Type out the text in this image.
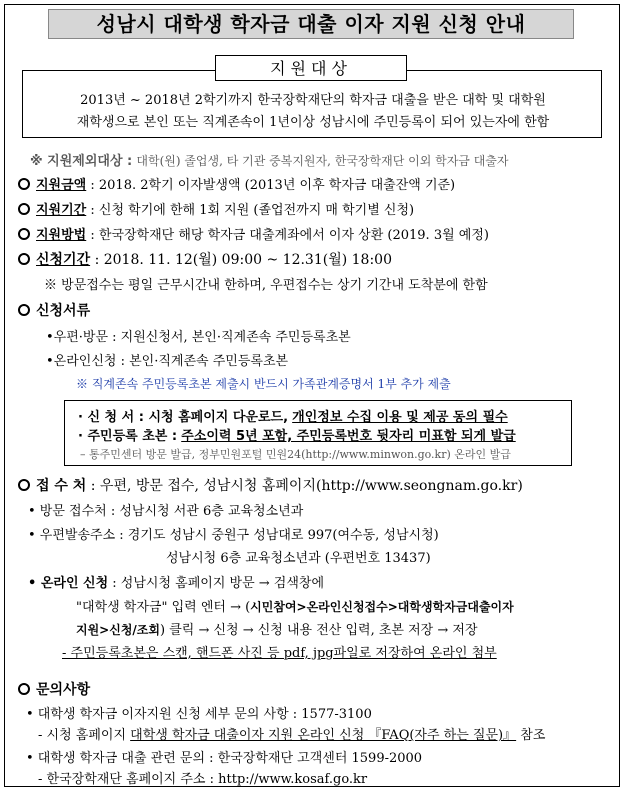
성남시 대학생 학자금 대출 이자 지원 신청 안내
지원대상
2013년 ~ 2018년 2학기까지 한국장학재단의 학자금 대출을 받은 대학 및 대학원
재학생으로 본인 또는 직계존속이 1년이상 성남시에 주민등록이 되어 있는자에 한함
※ 지원제외대상 : 대학(원) 졸업생, 타 기관 중복지원자, 한국장학재단 이외 학자금 대출자
지원금액 : 2018. 2학기 이자발생액 (2013년 이후 학자금 대출잔액 기준)
지원기간 : 신청 학기에 한해 1회 지원 (졸업전까지 매 학기별 신청)
지원방법 : 한국장학재단 해당 학자금 대출계좌에서 이자 상환 (2019. 3월 예정)
신청기간 : 2018. 11. 12(월) 09:00 ~ 12.31(월) 18:00
※ 방문접수는 평일 근무시간내 한하며, 우편접수는 상기 기간내 도착분에 한함
신청서류
•우편·방문 : 지원신청서, 본인·직계존속 주민등록초본
•온라인신청 : 본인·직계존속 주민등록초본
※ 직계존속 주민등록초본 제출시 반드시 가족관계증명서 1부 추가 제출
· 신 청 서 : 시청 홈페이지 다운로드, 개인정보 수집 이용 및 제공 동의 필수
· 주민등록 초본 : 주소이력 5년 포함, 주민등록번호 뒷자리 미표함 되게 발급
– 통주민센터 방문 발급, 정부민원포털 민원24(http://www.minwon.go.kr) 온라인 발급
접 수 처 : 우편, 방문 접수, 성남시청 홈페이지(http://www.seongnam.go.kr)
• 방문 접수처 : 성남시청 서관 6층 교육청소년과
• 우편발송주소 : 경기도 성남시 중원구 성남대로 997(여수동, 성남시청)
성남시청 6층 교육청소년과 (우편번호 13437)
• 온라인 신청 : 성남시청 홈페이지 방문 → 검색창에
"대학생 학자금" 입력 엔터 → (시민참여>온라인신청접수>대학생학자금대출이자
지원>신청/조회) 클릭 → 신청 → 신청 내용 전산 입력, 초본 저장 → 저장
- 주민등록초본은 스캔, 핸드폰 사진 등 pdf, jpg파일로 저장하여 온라인 첨부
문의사항
• 대학생 학자금 이자지원 신청 세부 문의 사항 : 1577-3100
- 시청 홈페이지 대학생 학자금 대출이자 지원 온라인 신청 『FAQ(자주 하는 질문)』 참조
• 대학생 학자금 대출 관련 문의 : 한국장학재단 고객센터 1599-2000
- 한국장학재단 홈페이지 주소 : http://www.kosaf.go.kr
